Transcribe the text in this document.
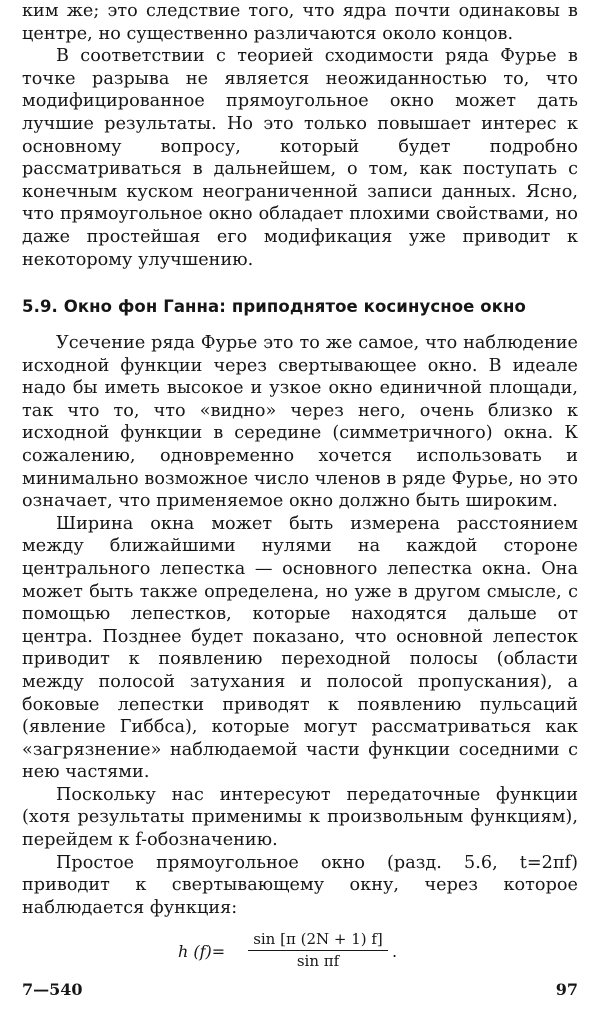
ким же; это следствие того, что ядра почти одинаковы в центре, но существенно различаются около концов.

В соответствии с теорией сходимости ряда Фурье в точке разрыва не является неожиданностью то, что модифицированное прямоугольное окно может дать лучшие результаты. Но это только повышает интерес к основному вопросу, который будет подробно рассматриваться в дальнейшем, о том, как поступать с конечным куском неограниченной записи данных. Ясно, что прямоугольное окно обладает плохими свойствами, но даже простейшая его модификация уже приводит к некоторому улучшению.

5.9. Окно фон Ганна: приподнятое косинусное окно

Усечение ряда Фурье это то же самое, что наблюдение исходной функции через свертывающее окно. В идеале надо бы иметь высокое и узкое окно единичной площади, так что то, что «видно» через него, очень близко к исходной функции в середине (симметричного) окна. К сожалению, одновременно хочется использовать и минимально возможное число членов в ряде Фурье, но это означает, что применяемое окно должно быть широким.

Ширина окна может быть измерена расстоянием между ближайшими нулями на каждой стороне центрального лепестка — основного лепестка окна. Она может быть также определена, но уже в другом смысле, с помощью лепестков, которые находятся дальше от центра. Позднее будет показано, что основной лепесток приводит к появлению переходной полосы (области между полосой затухания и полосой пропускания), а боковые лепестки приводят к появлению пульсаций (явление Гиббса), которые могут рассматриваться как «загрязнение» наблюдаемой части функции соседними с нею частями.

Поскольку нас интересуют передаточные функции (хотя результаты применимы к произвольным функциям), перейдем к f-обозначению.

Простое прямоугольное окно (разд. 5.6, t=2πf) приводит к свертывающему окну, через которое наблюдается функция:

h $(f)= \frac{\sin [\pi (2N + 1) f]}{\text{sin πf}}$ .
7—540	97
